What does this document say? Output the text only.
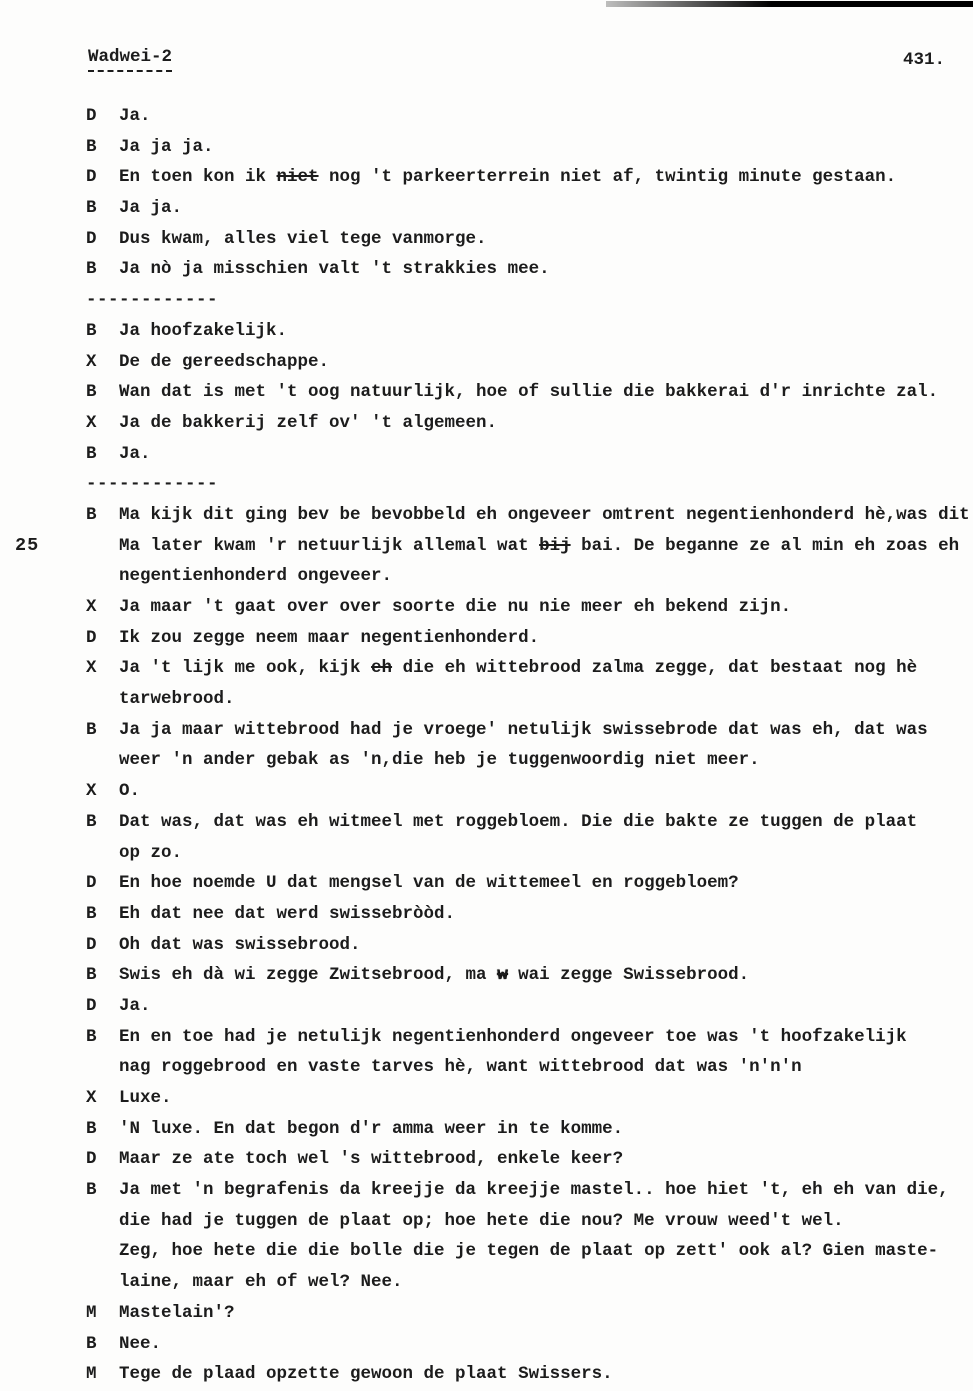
Wadwei-2	431.
D Ja.
B Ja ja ja.
D En toen kon ik niet nog 't parkeerterrein niet af, twintig minute gestaan.
B Ja ja.
D Dus kwam, alles viel tege vanmorge.
B Ja nò ja misschien valt 't strakkies mee.
------------
B Ja hoofzakelijk.
X De de gereedschappe.
B Wan dat is met 't oog natuurlijk, hoe of sullie die bakkerai d'r inrichte zal.
X Ja de bakkerij zelf ov' 't algemeen.
B Ja.
------------
B Ma kijk dit ging bev be bevobbeld eh ongeveer omtrent negentienhonderd hè,was dit
25	Ma later kwam 'r netuurlijk allemal wat bij bai. De beganne ze al min eh zoas eh
negentienhonderd ongeveer.
X Ja maar 't gaat over over soorte die nu nie meer eh bekend zijn.
D Ik zou zegge neem maar negentienhonderd.
X Ja 't lijk me ook, kijk eh die eh wittebrood zalma zegge, dat bestaat nog hè
tarwebrood.
B Ja ja maar wittebrood had je vroege' netulijk swissebrode dat was eh, dat was
weer 'n ander gebak as 'n,die heb je tuggenwoordig niet meer.
X O.
B Dat was, dat was eh witmeel met roggebloem. Die die bakte ze tuggen de plaat
op zo.
D En hoe noemde U dat mengsel van de wittemeel en roggebloem?
B Eh dat nee dat werd swissebròòd.
D Oh dat was swissebrood.
B Swis eh dà wi zegge Zwitsebrood, ma w wai zegge Swissebrood.
D Ja.
B En en toe had je netulijk negentienhonderd ongeveer toe was 't hoofzakelijk
nag roggebrood en vaste tarves hè, want wittebrood dat was 'n'n'n
X Luxe.
B 'N luxe. En dat begon d'r amma weer in te komme.
D Maar ze ate toch wel 's wittebrood, enkele keer?
B Ja met 'n begrafenis da kreejje da kreejje mastel.. hoe hiet 't, eh eh van die,
die had je tuggen de plaat op; hoe hete die nou? Me vrouw weed't wel.
Zeg, hoe hete die die bolle die je tegen de plaat op zett' ook al? Gien maste-
laine, maar eh of wel? Nee.
M Mastelain'?
B Nee.
M Tege de plaad opzette gewoon de plaat Swissers.
